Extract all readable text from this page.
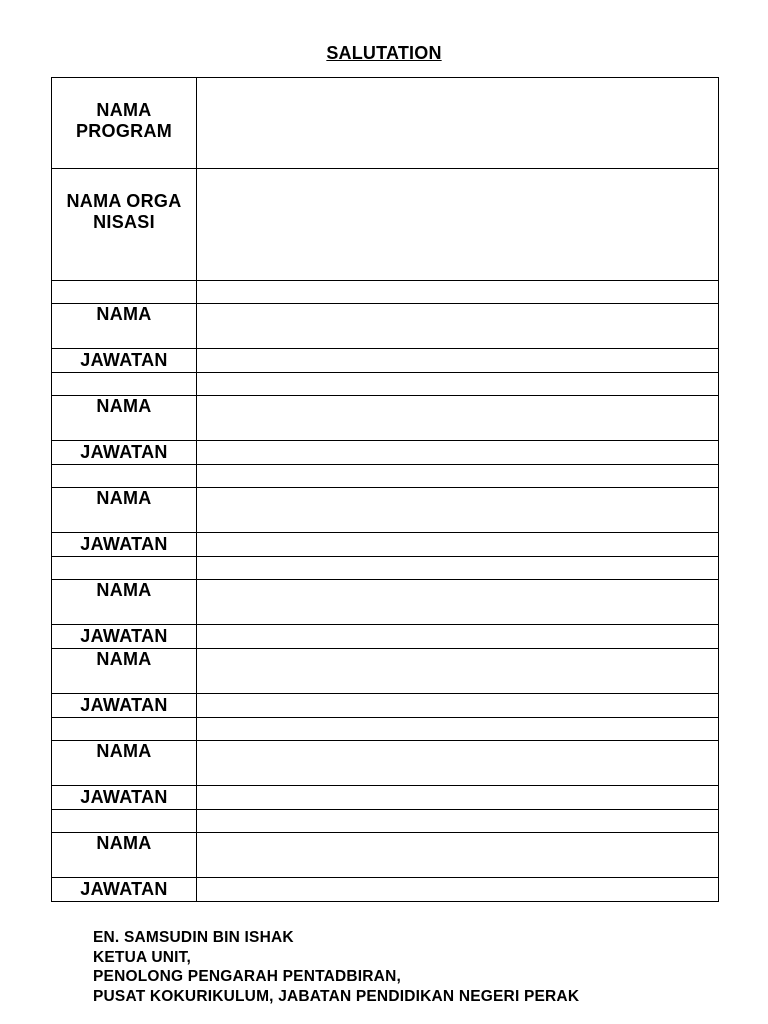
SALUTATION
NAMA PROGRAM	
NAMA ORGANISASI	

NAMA	
JAWATAN	

NAMA	
JAWATAN	

NAMA	
JAWATAN	

NAMA	
JAWATAN	
NAMA	
JAWATAN	

NAMA	
JAWATAN	

NAMA	
JAWATAN	
EN. SAMSUDIN BIN ISHAK
KETUA UNIT,
PENOLONG PENGARAH PENTADBIRAN,
PUSAT KOKURIKULUM, JABATAN PENDIDIKAN NEGERI PERAK
